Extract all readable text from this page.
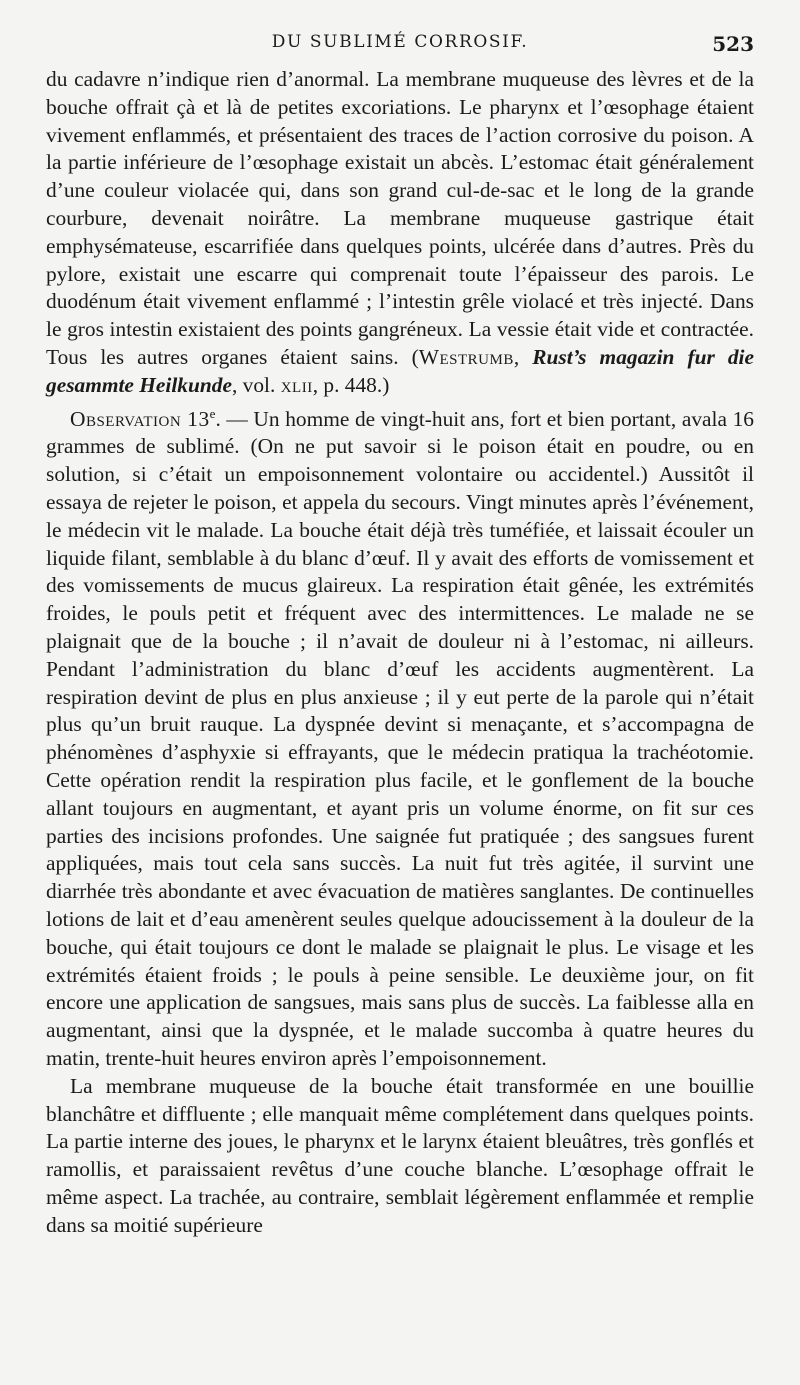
DU SUBLIMÉ CORROSIF.	523

du cadavre n’indique rien d’anormal. La membrane muqueuse des lèvres et de la bouche offrait çà et là de petites excoriations. Le pharynx et l’œsophage étaient vivement enflammés, et présentaient des traces de l’action corrosive du poison. A la partie inférieure de l’œsophage existait un abcès. L’estomac était généralement d’une couleur violacée qui, dans son grand cul-de-sac et le long de la grande courbure, devenait noirâtre. La membrane muqueuse gastrique était emphysémateuse, escarrifiée dans quelques points, ulcérée dans d’autres. Près du pylore, existait une escarre qui comprenait toute l’épaisseur des parois. Le duodénum était vivement enflammé ; l’intestin grêle violacé et très injecté. Dans le gros intestin existaient des points gangréneux. La vessie était vide et contractée. Tous les autres organes étaient sains. (Westrumb, Rust’s magazin fur die gesammte Heilkunde, vol. xlii, p. 448.)

Observation 13e. — Un homme de vingt-huit ans, fort et bien portant, avala 16 grammes de sublimé. (On ne put savoir si le poison était en poudre, ou en solution, si c’était un empoisonnement volontaire ou accidentel.) Aussitôt il essaya de rejeter le poison, et appela du secours. Vingt minutes après l’événement, le médecin vit le malade. La bouche était déjà très tuméfiée, et laissait écouler un liquide filant, semblable à du blanc d’œuf. Il y avait des efforts de vomissement et des vomissements de mucus glaireux. La respiration était gênée, les extrémités froides, le pouls petit et fréquent avec des intermittences. Le malade ne se plaignait que de la bouche ; il n’avait de douleur ni à l’estomac, ni ailleurs. Pendant l’administration du blanc d’œuf les accidents augmentèrent. La respiration devint de plus en plus anxieuse ; il y eut perte de la parole qui n’était plus qu’un bruit rauque. La dyspnée devint si menaçante, et s’accompagna de phénomènes d’asphyxie si effrayants, que le médecin pratiqua la trachéotomie. Cette opération rendit la respiration plus facile, et le gonflement de la bouche allant toujours en augmentant, et ayant pris un volume énorme, on fit sur ces parties des incisions profondes. Une saignée fut pratiquée ; des sangsues furent appliquées, mais tout cela sans succès. La nuit fut très agitée, il survint une diarrhée très abondante et avec évacuation de matières sanglantes. De continuelles lotions de lait et d’eau amenèrent seules quelque adoucissement à la douleur de la bouche, qui était toujours ce dont le malade se plaignait le plus. Le visage et les extrémités étaient froids ; le pouls à peine sensible. Le deuxième jour, on fit encore une application de sangsues, mais sans plus de succès. La faiblesse alla en augmentant, ainsi que la dyspnée, et le malade succomba à quatre heures du matin, trente-huit heures environ après l’empoisonnement.

La membrane muqueuse de la bouche était transformée en une bouillie blanchâtre et diffluente ; elle manquait même complétement dans quelques points. La partie interne des joues, le pharynx et le larynx étaient bleuâtres, très gonflés et ramollis, et paraissaient revêtus d’une couche blanche. L’œsophage offrait le même aspect. La trachée, au contraire, semblait légèrement enflammée et remplie dans sa moitié supérieure
